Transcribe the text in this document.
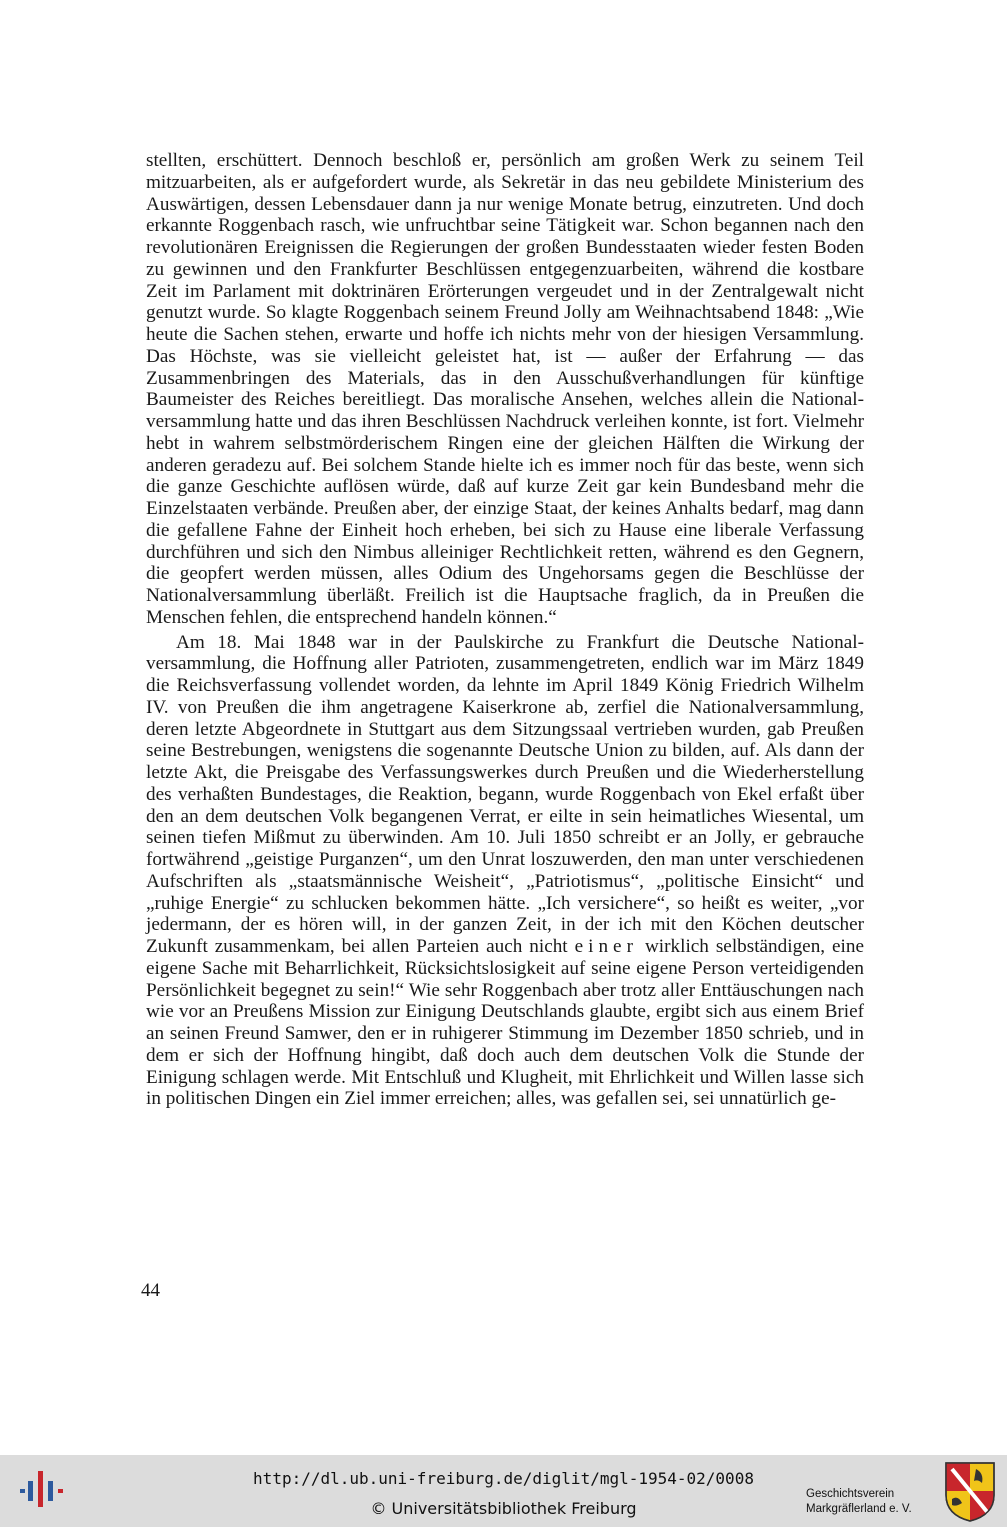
stellten, erschüttert. Dennoch beschloß er, persönlich am großen Werk zu seinem Teil mitzuarbeiten, als er aufgefordert wurde, als Sekretär in das neu gebildete Ministerium des Auswärtigen, dessen Lebensdauer dann ja nur wenige Monate betrug, einzutreten. Und doch erkannte Roggenbach rasch, wie unfruchtbar seine Tätigkeit war. Schon begannen nach den revolutionären Ereignissen die Regierungen der großen Bundesstaaten wieder festen Boden zu gewinnen und den Frankfurter Beschlüssen entgegenzuarbeiten, während die kostbare Zeit im Parlament mit doktrinären Erörterungen vergeudet und in der Zentralgewalt nicht genutzt wurde. So klagte Roggenbach seinem Freund Jolly am Weihnachtsabend 1848: „Wie heute die Sachen stehen, erwarte und hoffe ich nichts mehr von der hiesigen Versammlung. Das Höchste, was sie vielleicht geleistet hat, ist — außer der Erfahrung — das Zusammenbringen des Materials, das in den Ausschußverhandlungen für künftige Baumeister des Reiches bereitliegt. Das moralische Ansehen, welches allein die Nationalversammlung hatte und das ihren Beschlüssen Nachdruck verleihen konnte, ist fort. Vielmehr hebt in wahrem selbstmörderischem Ringen eine der gleichen Hälften die Wirkung der anderen geradezu auf. Bei solchem Stande hielte ich es immer noch für das beste, wenn sich die ganze Geschichte auflösen würde, daß auf kurze Zeit gar kein Bundesband mehr die Einzelstaaten verbände. Preußen aber, der einzige Staat, der keines Anhalts bedarf, mag dann die gefallene Fahne der Einheit hoch erheben, bei sich zu Hause eine liberale Verfassung durchführen und sich den Nimbus alleiniger Rechtlichkeit retten, während es den Gegnern, die geopfert werden müssen, alles Odium des Ungehorsams gegen die Beschlüsse der Nationalversammlung überläßt. Freilich ist die Hauptsache fraglich, da in Preußen die Menschen fehlen, die entsprechend handeln können.“

Am 18. Mai 1848 war in der Paulskirche zu Frankfurt die Deutsche Nationalversammlung, die Hoffnung aller Patrioten, zusammengetreten, endlich war im März 1849 die Reichsverfassung vollendet worden, da lehnte im April 1849 König Friedrich Wilhelm IV. von Preußen die ihm angetragene Kaiserkrone ab, zerfiel die Nationalversammlung, deren letzte Abgeordnete in Stuttgart aus dem Sitzungssaal vertrieben wurden, gab Preußen seine Bestrebungen, wenigstens die sogenannte Deutsche Union zu bilden, auf. Als dann der letzte Akt, die Preisgabe des Verfassungswerkes durch Preußen und die Wiederherstellung des verhaßten Bundestages, die Reaktion, begann, wurde Roggenbach von Ekel erfaßt über den an dem deutschen Volk begangenen Verrat, er eilte in sein heimatliches Wiesental, um seinen tiefen Mißmut zu überwinden. Am 10. Juli 1850 schreibt er an Jolly, er gebrauche fortwährend „geistige Purganzen“, um den Unrat loszuwerden, den man unter verschiedenen Aufschriften als „staatsmännische Weisheit“, „Patriotismus“, „politische Einsicht“ und „ruhige Energie“ zu schlucken bekommen hätte. „Ich versichere“, so heißt es weiter, „vor jedermann, der es hören will, in der ganzen Zeit, in der ich mit den Köchen deutscher Zukunft zusammenkam, bei allen Parteien auch nicht einer wirklich selbständigen, eine eigene Sache mit Beharrlichkeit, Rücksichtslosigkeit auf seine eigene Person verteidigenden Persönlichkeit begegnet zu sein!“ Wie sehr Roggenbach aber trotz aller Enttäuschungen nach wie vor an Preußens Mission zur Einigung Deutschlands glaubte, ergibt sich aus einem Brief an seinen Freund Samwer, den er in ruhigerer Stimmung im Dezember 1850 schrieb, und in dem er sich der Hoffnung hingibt, daß doch auch dem deutschen Volk die Stunde der Einigung schlagen werde. Mit Entschluß und Klugheit, mit Ehrlichkeit und Willen lasse sich in politischen Dingen ein Ziel immer erreichen; alles, was gefallen sei, sei unnatürlich ge-

44
http://dl.ub.uni-freiburg.de/diglit/mgl-1954-02/0008
© Universitätsbibliothek Freiburg
Geschichtsverein
Markgräflerland e. V.
